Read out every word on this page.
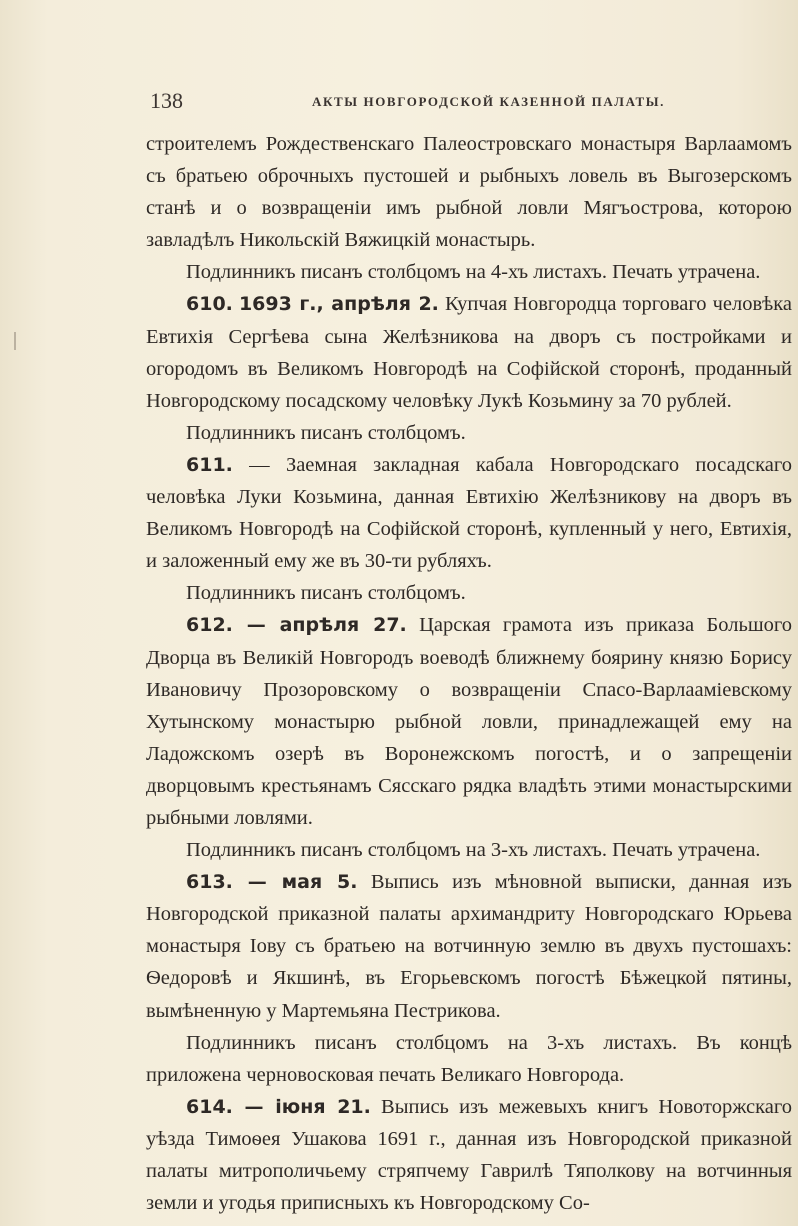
138	АКТЫ НОВГОРОДСКОЙ КАЗЕННОЙ ПАЛАТЫ.

строителемъ Рождественскаго Палеостровскаго монастыря Варлаамомъ съ братьею оброчныхъ пустошей и рыбныхъ ловель въ Выгозерскомъ станѣ и о возвращеніи имъ рыбной ловли Мягъострова, которою завладѣлъ Никольскій Вяжицкій монастырь.

Подлинникъ писанъ столбцомъ на 4-хъ листахъ. Печать утрачена.

610. 1693 г., апрѣля 2. Купчая Новгородца торговаго человѣка Евтихія Сергѣева сына Желѣзникова на дворъ съ постройками и огородомъ въ Великомъ Новгородѣ на Софійской сторонѣ, проданный Новгородскому посадскому человѣку Лукѣ Козьмину за 70 рублей.

Подлинникъ писанъ столбцомъ.

611. — Заемная закладная кабала Новгородскаго посадскаго человѣка Луки Козьмина, данная Евтихію Желѣзникову на дворъ въ Великомъ Новгородѣ на Софійской сторонѣ, купленный у него, Евтихія, и заложенный ему же въ 30-ти рубляхъ.

Подлинникъ писанъ столбцомъ.

612. — апрѣля 27. Царская грамота изъ приказа Большого Дворца въ Великій Новгородъ воеводѣ ближнему боярину князю Борису Ивановичу Прозоровскому о возвращеніи Спасо-Варлааміевскому Хутынскому монастырю рыбной ловли, принадлежащей ему на Ладожскомъ озерѣ въ Воронежскомъ погостѣ, и о запрещеніи дворцовымъ крестьянамъ Сясскаго рядка владѣть этими монастырскими рыбными ловлями.

Подлинникъ писанъ столбцомъ на 3-хъ листахъ. Печать утрачена.

613. — мая 5. Выпись изъ мѣновной выписки, данная изъ Новгородской приказной палаты архимандриту Новгородскаго Юрьева монастыря Іову съ братьею на вотчинную землю въ двухъ пустошахъ: Ѳедоровѣ и Якшинѣ, въ Егорьевскомъ погостѣ Бѣжецкой пятины, вымѣненную у Мартемьяна Пестрикова.

Подлинникъ писанъ столбцомъ на 3-хъ листахъ. Въ концѣ приложена черновосковая печать Великаго Новгорода.

614. — іюня 21. Выпись изъ межевыхъ книгъ Новоторжскаго уѣзда Тимоѳея Ушакова 1691 г., данная изъ Новгородской приказной палаты митрополичьему стряпчему Гаврилѣ Тяполкову на вотчинныя земли и угодья приписныхъ къ Новгородскому Со-
